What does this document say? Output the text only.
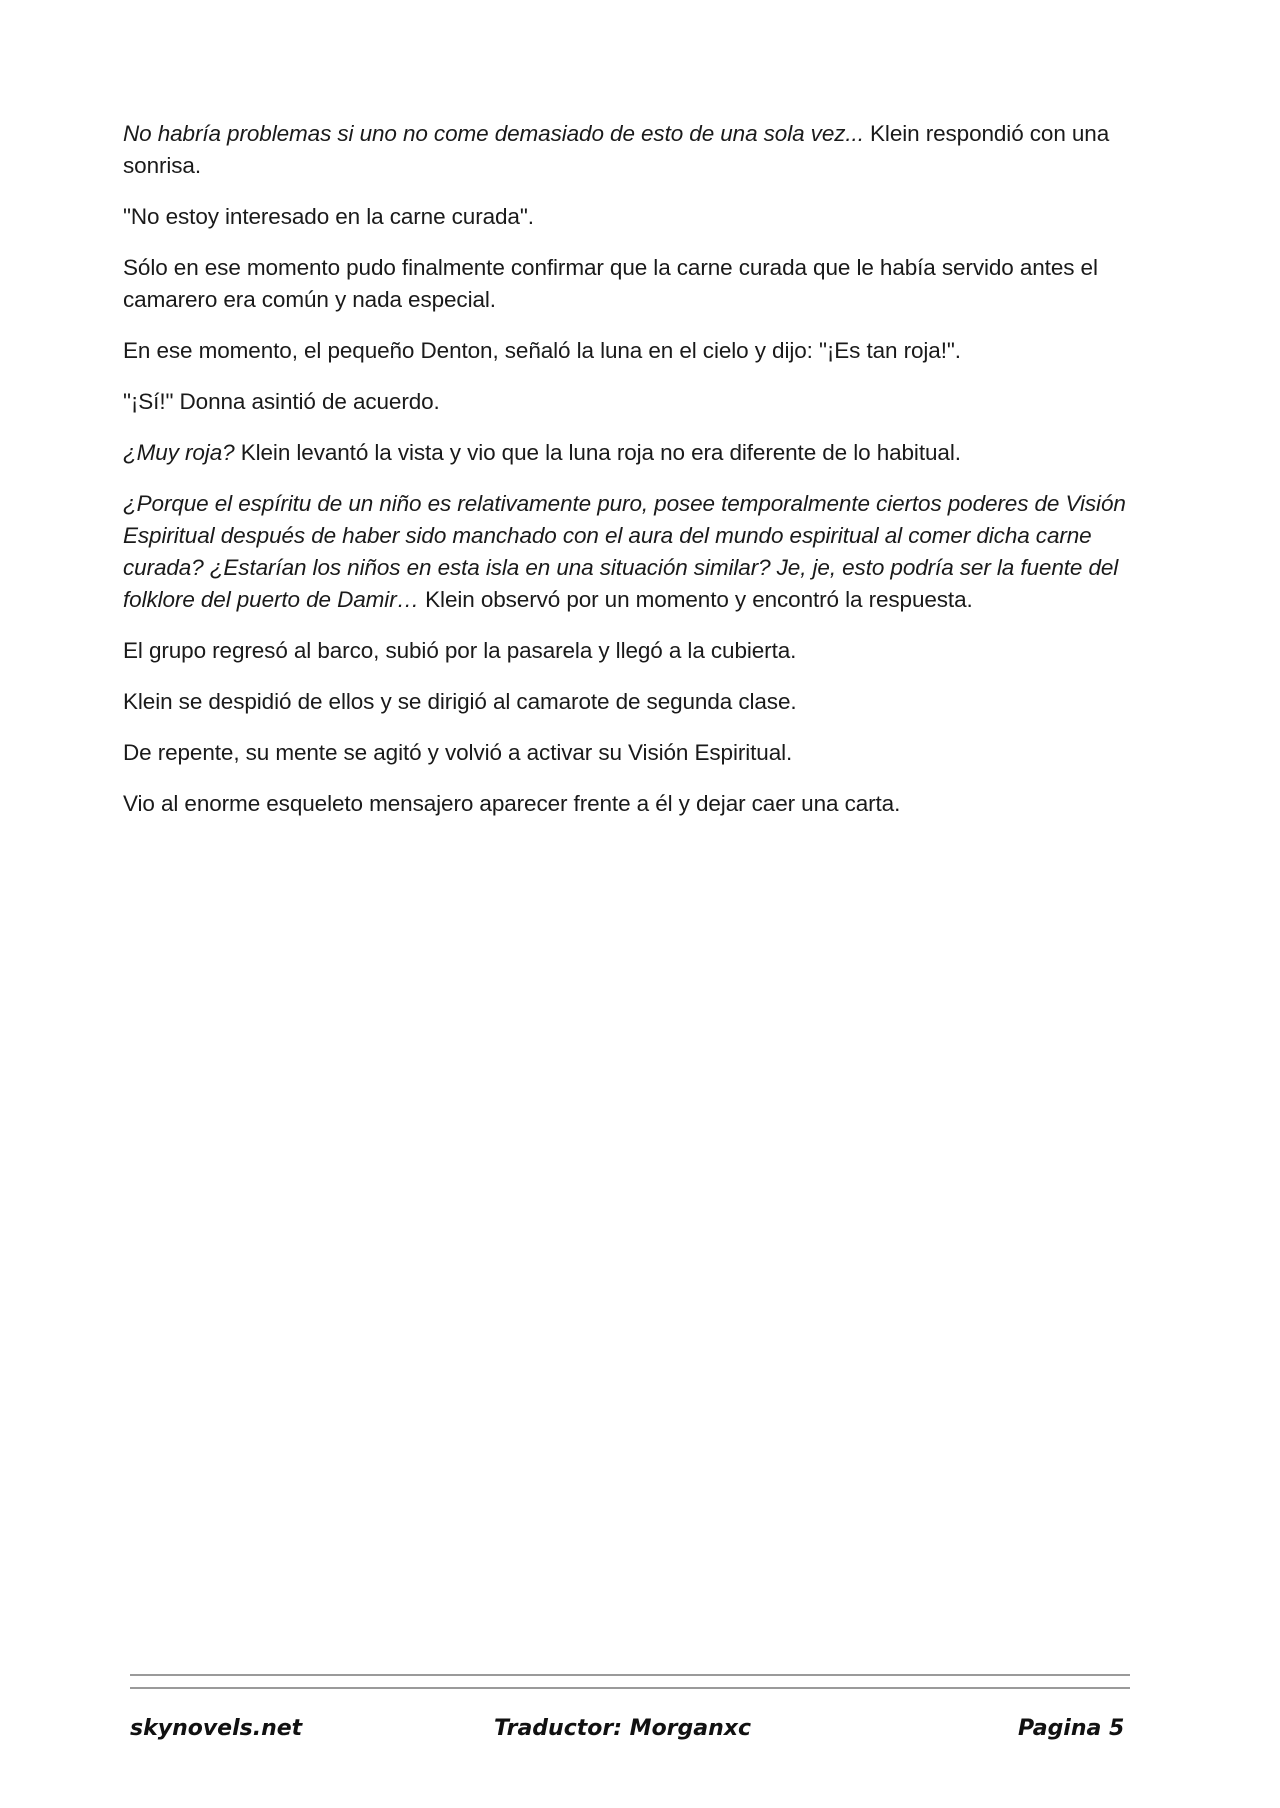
No habría problemas si uno no come demasiado de esto de una sola vez... Klein respondió con una sonrisa.

"No estoy interesado en la carne curada".

Sólo en ese momento pudo finalmente confirmar que la carne curada que le había servido antes el camarero era común y nada especial.

En ese momento, el pequeño Denton, señaló la luna en el cielo y dijo: "¡Es tan roja!".

"¡Sí!" Donna asintió de acuerdo.

¿Muy roja? Klein levantó la vista y vio que la luna roja no era diferente de lo habitual.

¿Porque el espíritu de un niño es relativamente puro, posee temporalmente ciertos poderes de Visión Espiritual después de haber sido manchado con el aura del mundo espiritual al comer dicha carne curada? ¿Estarían los niños en esta isla en una situación similar? Je, je, esto podría ser la fuente del folklore del puerto de Damir… Klein observó por un momento y encontró la respuesta.

El grupo regresó al barco, subió por la pasarela y llegó a la cubierta.

Klein se despidió de ellos y se dirigió al camarote de segunda clase.

De repente, su mente se agitó y volvió a activar su Visión Espiritual.

Vio al enorme esqueleto mensajero aparecer frente a él y dejar caer una carta.

skynovels.net	Traductor: Morganxc	Pagina 5
